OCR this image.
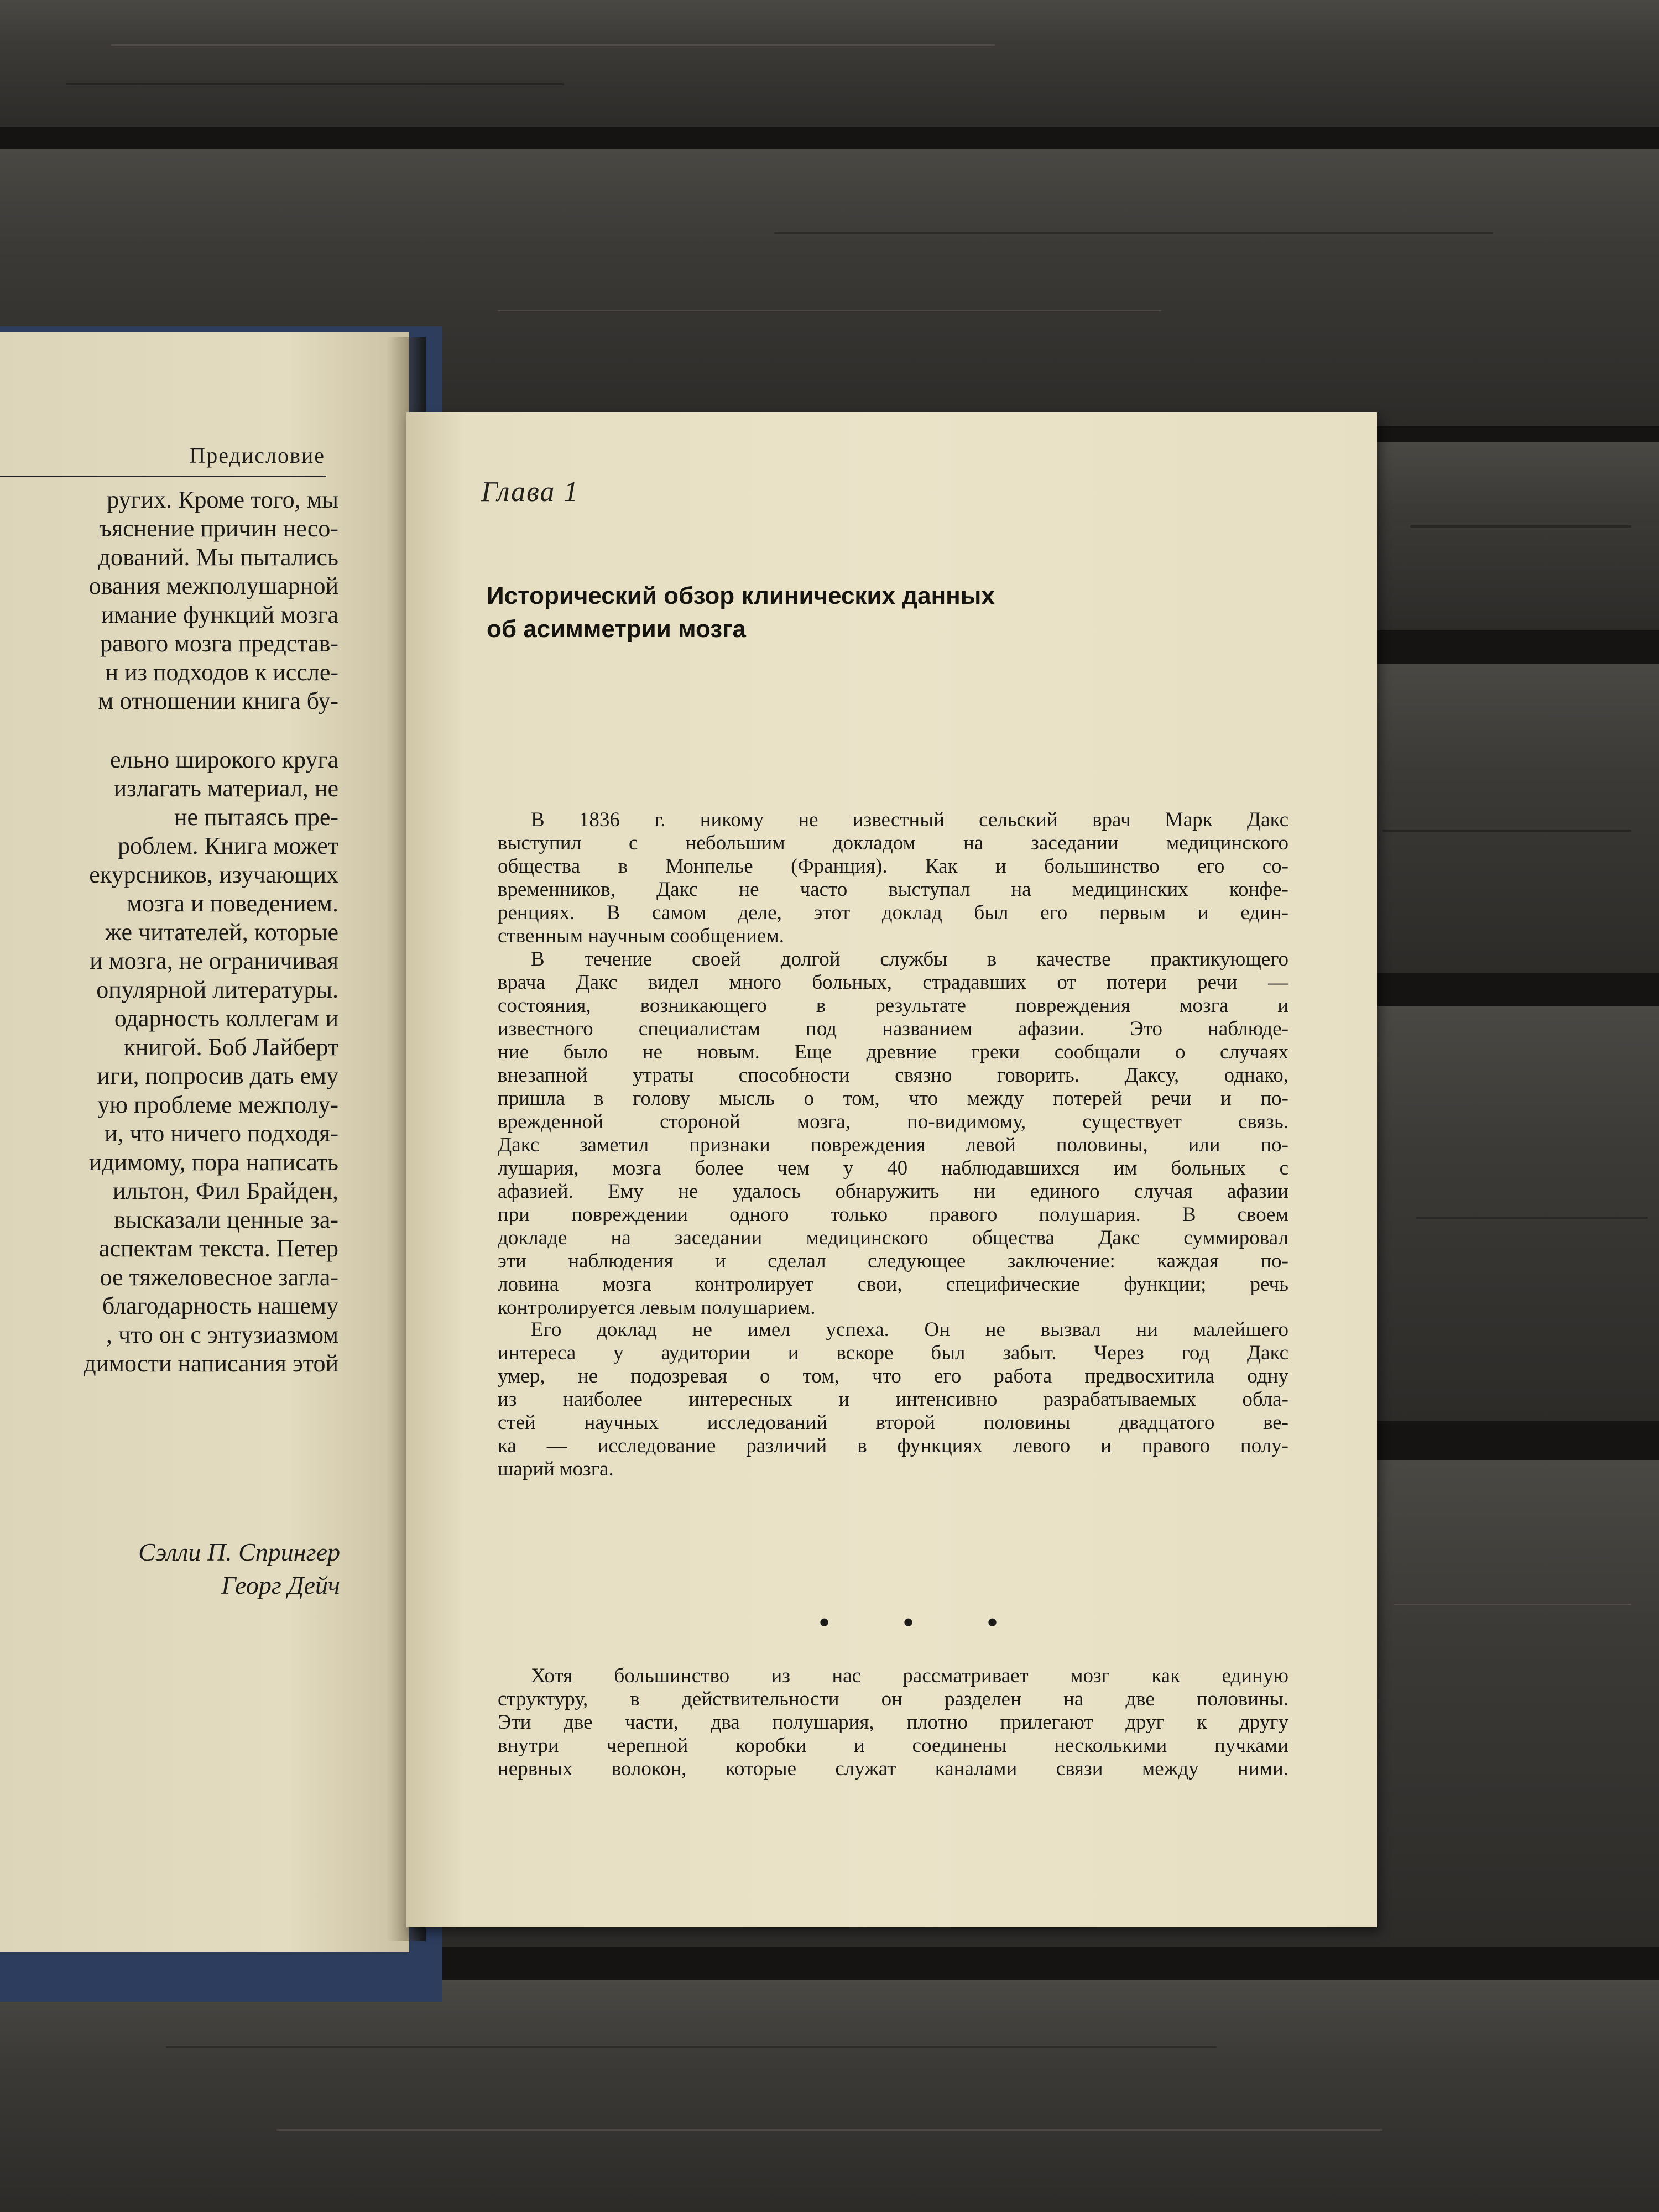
Предисловие
ругих. Кроме того, мы
ъяснение причин несо-
дований. Мы пытались
ования межполушарной
имание функций мозга
равого мозга представ-
н из подходов к иссле-
м отношении книга бу-
ельно широкого круга
излагать материал, не
не пытаясь пре-
роблем. Книга может
екурсников, изучающих
мозга и поведением.
же читателей, которые
и мозга, не ограничивая
опулярной литературы.
одарность коллегам и
книгой. Боб Лайберт
иги, попросив дать ему
ую проблеме межполу-
и, что ничего подходя-
идимому, пора написать
ильтон, Фил Брайден,
высказали ценные за-
аспектам текста. Петер
ое тяжеловесное загла-
благодарность нашему
, что он с энтузиазмом
димости написания этой
Сэлли П. Спрингер
Георг Дейч
Глава 1
Исторический обзор клинических данных
об асимметрии мозга
В 1836 г. никому не известный сельский врач Марк Дакс
выступил с небольшим докладом на заседании медицинского
общества в Монпелье (Франция). Как и большинство его со-
временников, Дакс не часто выступал на медицинских конфе-
ренциях. В самом деле, этот доклад был его первым и един-
ственным научным сообщением.
В течение своей долгой службы в качестве практикующего
врача Дакс видел много больных, страдавших от потери речи —
состояния, возникающего в результате повреждения мозга и
известного специалистам под названием афазии. Это наблюде-
ние было не новым. Еще древние греки сообщали о случаях
внезапной утраты способности связно говорить. Даксу, однако,
пришла в голову мысль о том, что между потерей речи и по-
врежденной стороной мозга, по-видимому, существует связь.
Дакс заметил признаки повреждения левой половины, или по-
лушария, мозга более чем у 40 наблюдавшихся им больных с
афазией. Ему не удалось обнаружить ни единого случая афазии
при повреждении одного только правого полушария. В своем
докладе на заседании медицинского общества Дакс суммировал
эти наблюдения и сделал следующее заключение: каждая по-
ловина мозга контролирует свои, специфические функции; речь
контролируется левым полушарием.
Его доклад не имел успеха. Он не вызвал ни малейшего
интереса у аудитории и вскоре был забыт. Через год Дакс
умер, не подозревая о том, что его работа предвосхитила одну
из наиболее интересных и интенсивно разрабатываемых обла-
стей научных исследований второй половины двадцатого ве-
ка — исследование различий в функциях левого и правого полу-
шарий мозга.
• • •
Хотя большинство из нас рассматривает мозг как единую
структуру, в действительности он разделен на две половины.
Эти две части, два полушария, плотно прилегают друг к другу
внутри черепной коробки и соединены несколькими пучками
нервных волокон, которые служат каналами связи между ними.
